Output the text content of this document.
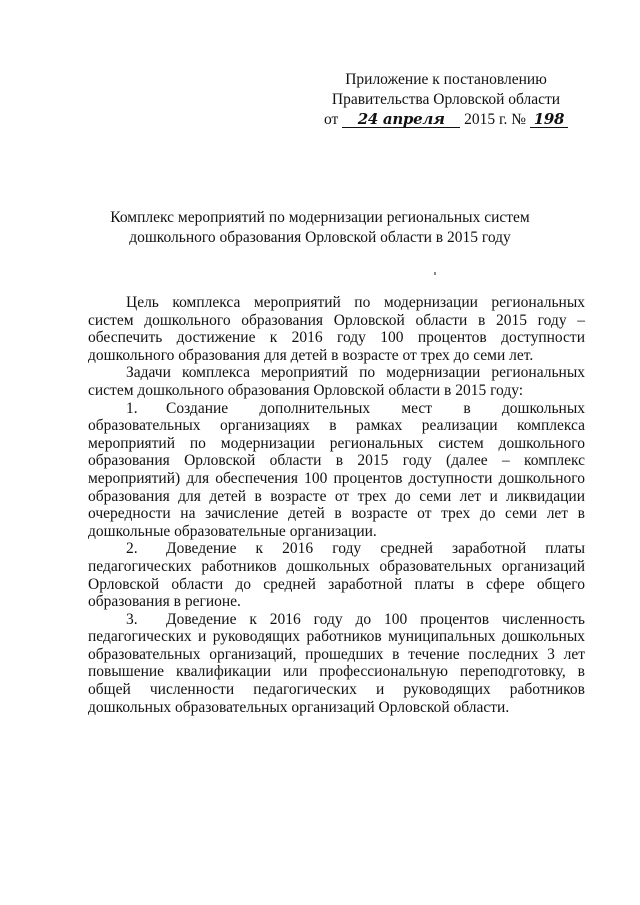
Приложение к постановлению
Правительства Орловской области
от 24 апреля 2015 г. № 198
Комплекс мероприятий по модернизации региональных систем
дошкольного образования Орловской области в 2015 году

Цель комплекса мероприятий по модернизации региональных систем дошкольного образования Орловской области в 2015 году – обеспечить достижение к 2016 году 100 процентов доступности дошкольного образования для детей в возрасте от трех до семи лет.

Задачи комплекса мероприятий по модернизации региональных систем дошкольного образования Орловской области в 2015 году:

1. Создание дополнительных мест в дошкольных образовательных организациях в рамках реализации комплекса мероприятий по модернизации региональных систем дошкольного образования Орловской области в 2015 году (далее – комплекс мероприятий) для обеспечения 100 процентов доступности дошкольного образования для детей в возрасте от трех до семи лет и ликвидации очередности на зачисление детей в возрасте от трех до семи лет в дошкольные образовательные организации.

2. Доведение к 2016 году средней заработной платы педагогических работников дошкольных образовательных организаций Орловской области до средней заработной платы в сфере общего образования в регионе.

3. Доведение к 2016 году до 100 процентов численность педагогических и руководящих работников муниципальных дошкольных образовательных организаций, прошедших в течение последних 3 лет повышение квалификации или профессиональную переподготовку, в общей численности педагогических и руководящих работников дошкольных образовательных организаций Орловской области.
